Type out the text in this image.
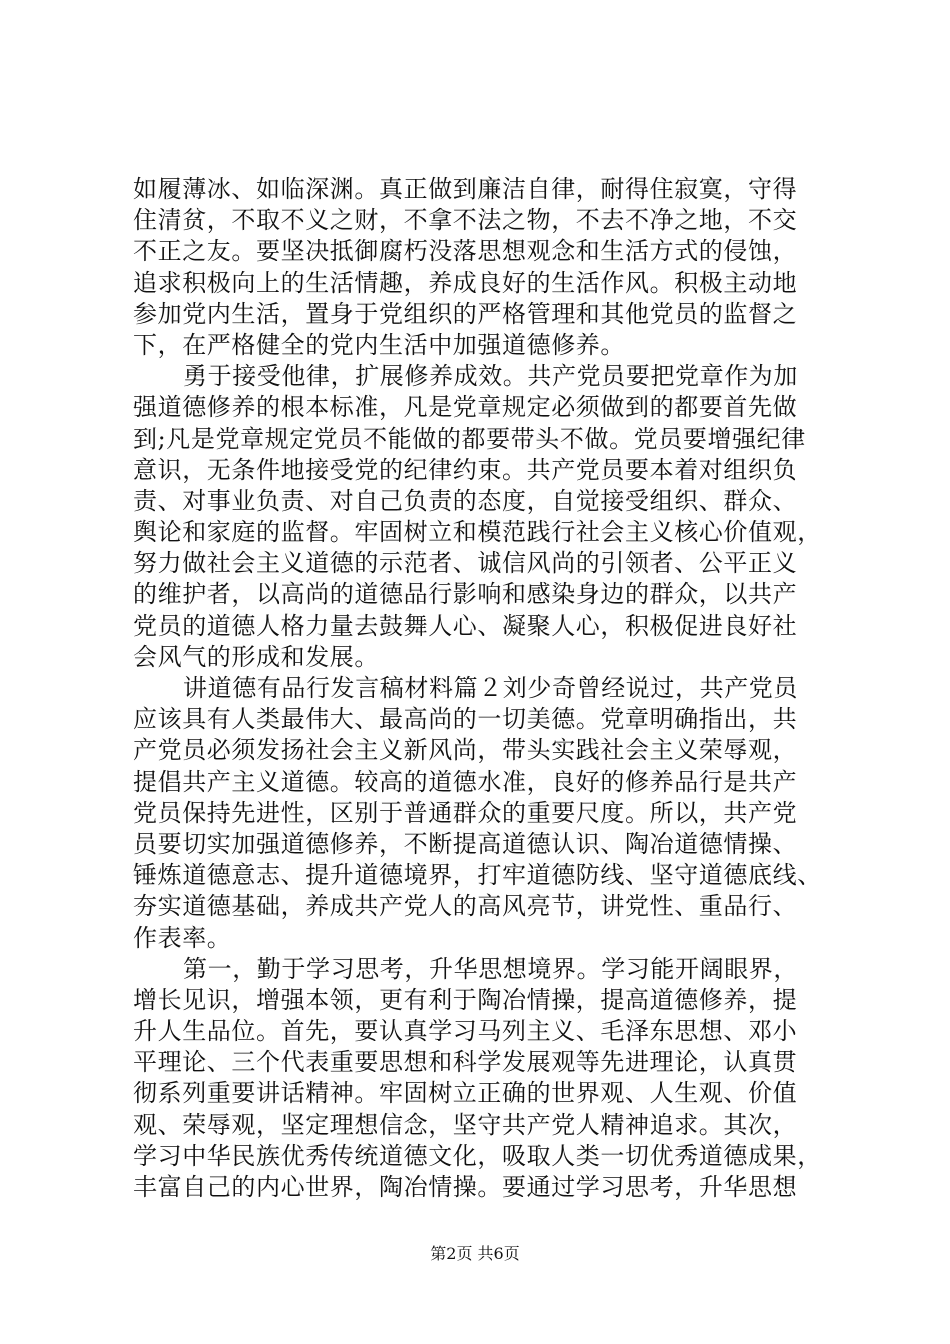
如履薄冰、如临深渊。真正做到廉洁自律，耐得住寂寞，守得
住清贫，不取不义之财，不拿不法之物，不去不净之地，不交
不正之友。要坚决抵御腐朽没落思想观念和生活方式的侵蚀，
追求积极向上的生活情趣，养成良好的生活作风。积极主动地
参加党内生活，置身于党组织的严格管理和其他党员的监督之
下，在严格健全的党内生活中加强道德修养。
勇于接受他律，扩展修养成效。共产党员要把党章作为加
强道德修养的根本标准，凡是党章规定必须做到的都要首先做
到;凡是党章规定党员不能做的都要带头不做。党员要增强纪律
意识，无条件地接受党的纪律约束。共产党员要本着对组织负
责、对事业负责、对自己负责的态度，自觉接受组织、群众、
舆论和家庭的监督。牢固树立和模范践行社会主义核心价值观，
努力做社会主义道德的示范者、诚信风尚的引领者、公平正义
的维护者，以高尚的道德品行影响和感染身边的群众，以共产
党员的道德人格力量去鼓舞人心、凝聚人心，积极促进良好社
会风气的形成和发展。
讲道德有品行发言稿材料篇２刘少奇曾经说过，共产党员
应该具有人类最伟大、最高尚的一切美德。党章明确指出，共
产党员必须发扬社会主义新风尚，带头实践社会主义荣辱观，
提倡共产主义道德。较高的道德水准，良好的修养品行是共产
党员保持先进性，区别于普通群众的重要尺度。所以，共产党
员要切实加强道德修养，不断提高道德认识、陶冶道德情操、
锤炼道德意志、提升道德境界，打牢道德防线、坚守道德底线、
夯实道德基础，养成共产党人的高风亮节，讲党性、重品行、
作表率。
第一，勤于学习思考，升华思想境界。学习能开阔眼界，
增长见识，增强本领，更有利于陶冶情操，提高道德修养，提
升人生品位。首先，要认真学习马列主义、毛泽东思想、邓小
平理论、三个代表重要思想和科学发展观等先进理论，认真贯
彻系列重要讲话精神。牢固树立正确的世界观、人生观、价值
观、荣辱观，坚定理想信念，坚守共产党人精神追求。其次，
学习中华民族优秀传统道德文化，吸取人类一切优秀道德成果，
丰富自己的内心世界，陶冶情操。要通过学习思考，升华思想
第2页 共6页
